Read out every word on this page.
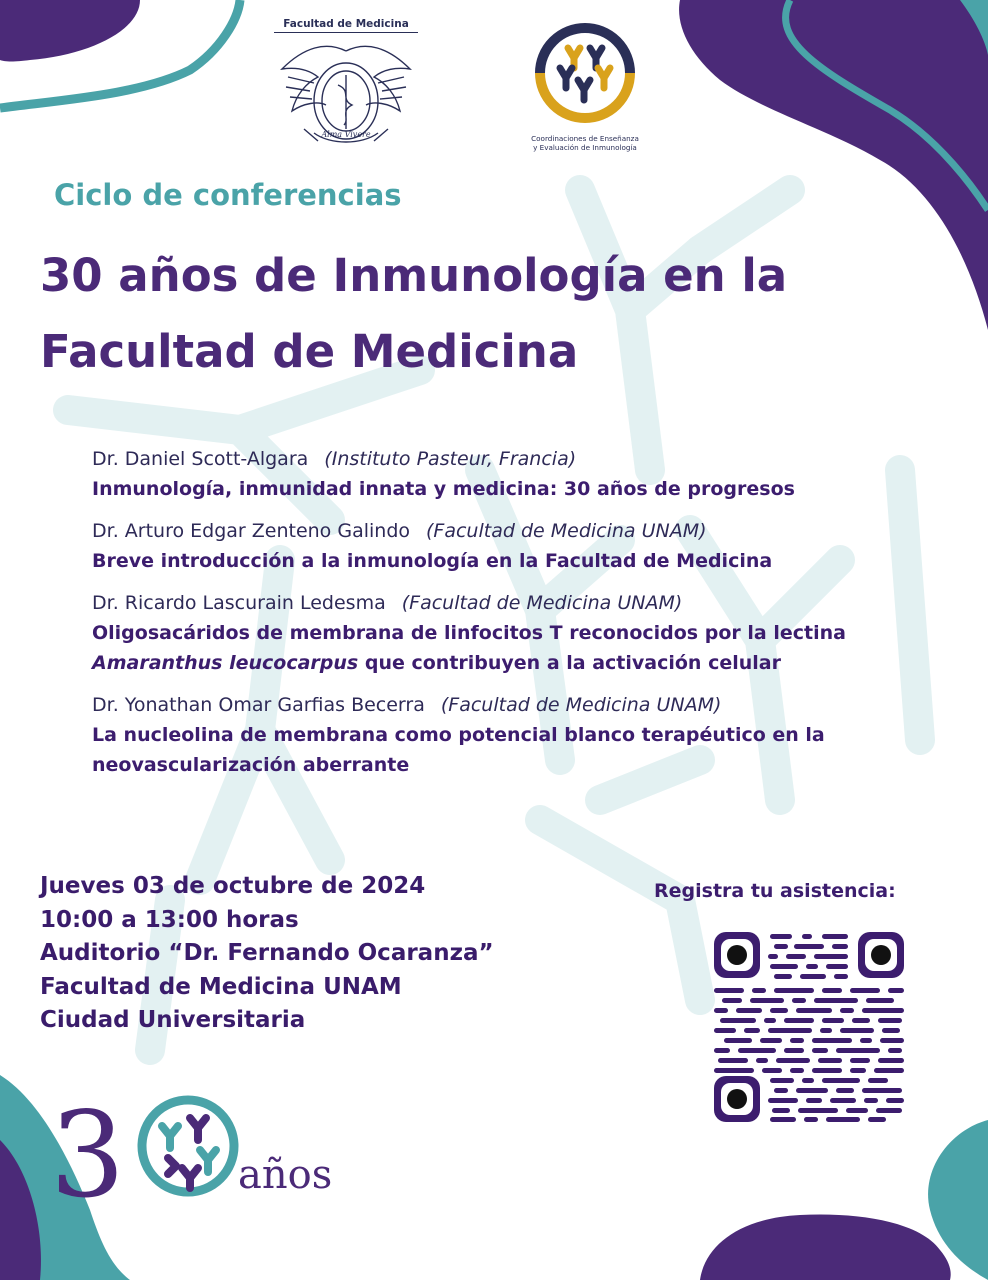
Facultad de Medicina
Alma Vivere	Coordinaciones de Enseñanza
y Evaluación de Inmunología
Ciclo de conferencias
30 años de Inmunología en la
Facultad de Medicina
Dr. Daniel Scott-Algara (Instituto Pasteur, Francia)
Inmunología, inmunidad innata y medicina: 30 años de progresos
Dr. Arturo Edgar Zenteno Galindo (Facultad de Medicina UNAM)
Breve introducción a la inmunología en la Facultad de Medicina
Dr. Ricardo Lascurain Ledesma (Facultad de Medicina UNAM)
Oligosacáridos de membrana de linfocitos T reconocidos por la lectina
Amaranthus leucocarpus que contribuyen a la activación celular
Dr. Yonathan Omar Garfias Becerra (Facultad de Medicina UNAM)
La nucleolina de membrana como potencial blanco terapéutico en la neovascularización aberrante
Jueves 03 de octubre de 2024
10:00 a 13:00 horas
Auditorio “Dr. Fernando Ocaranza”
Facultad de Medicina UNAM
Ciudad Universitaria
Registra tu asistencia:
3	años
